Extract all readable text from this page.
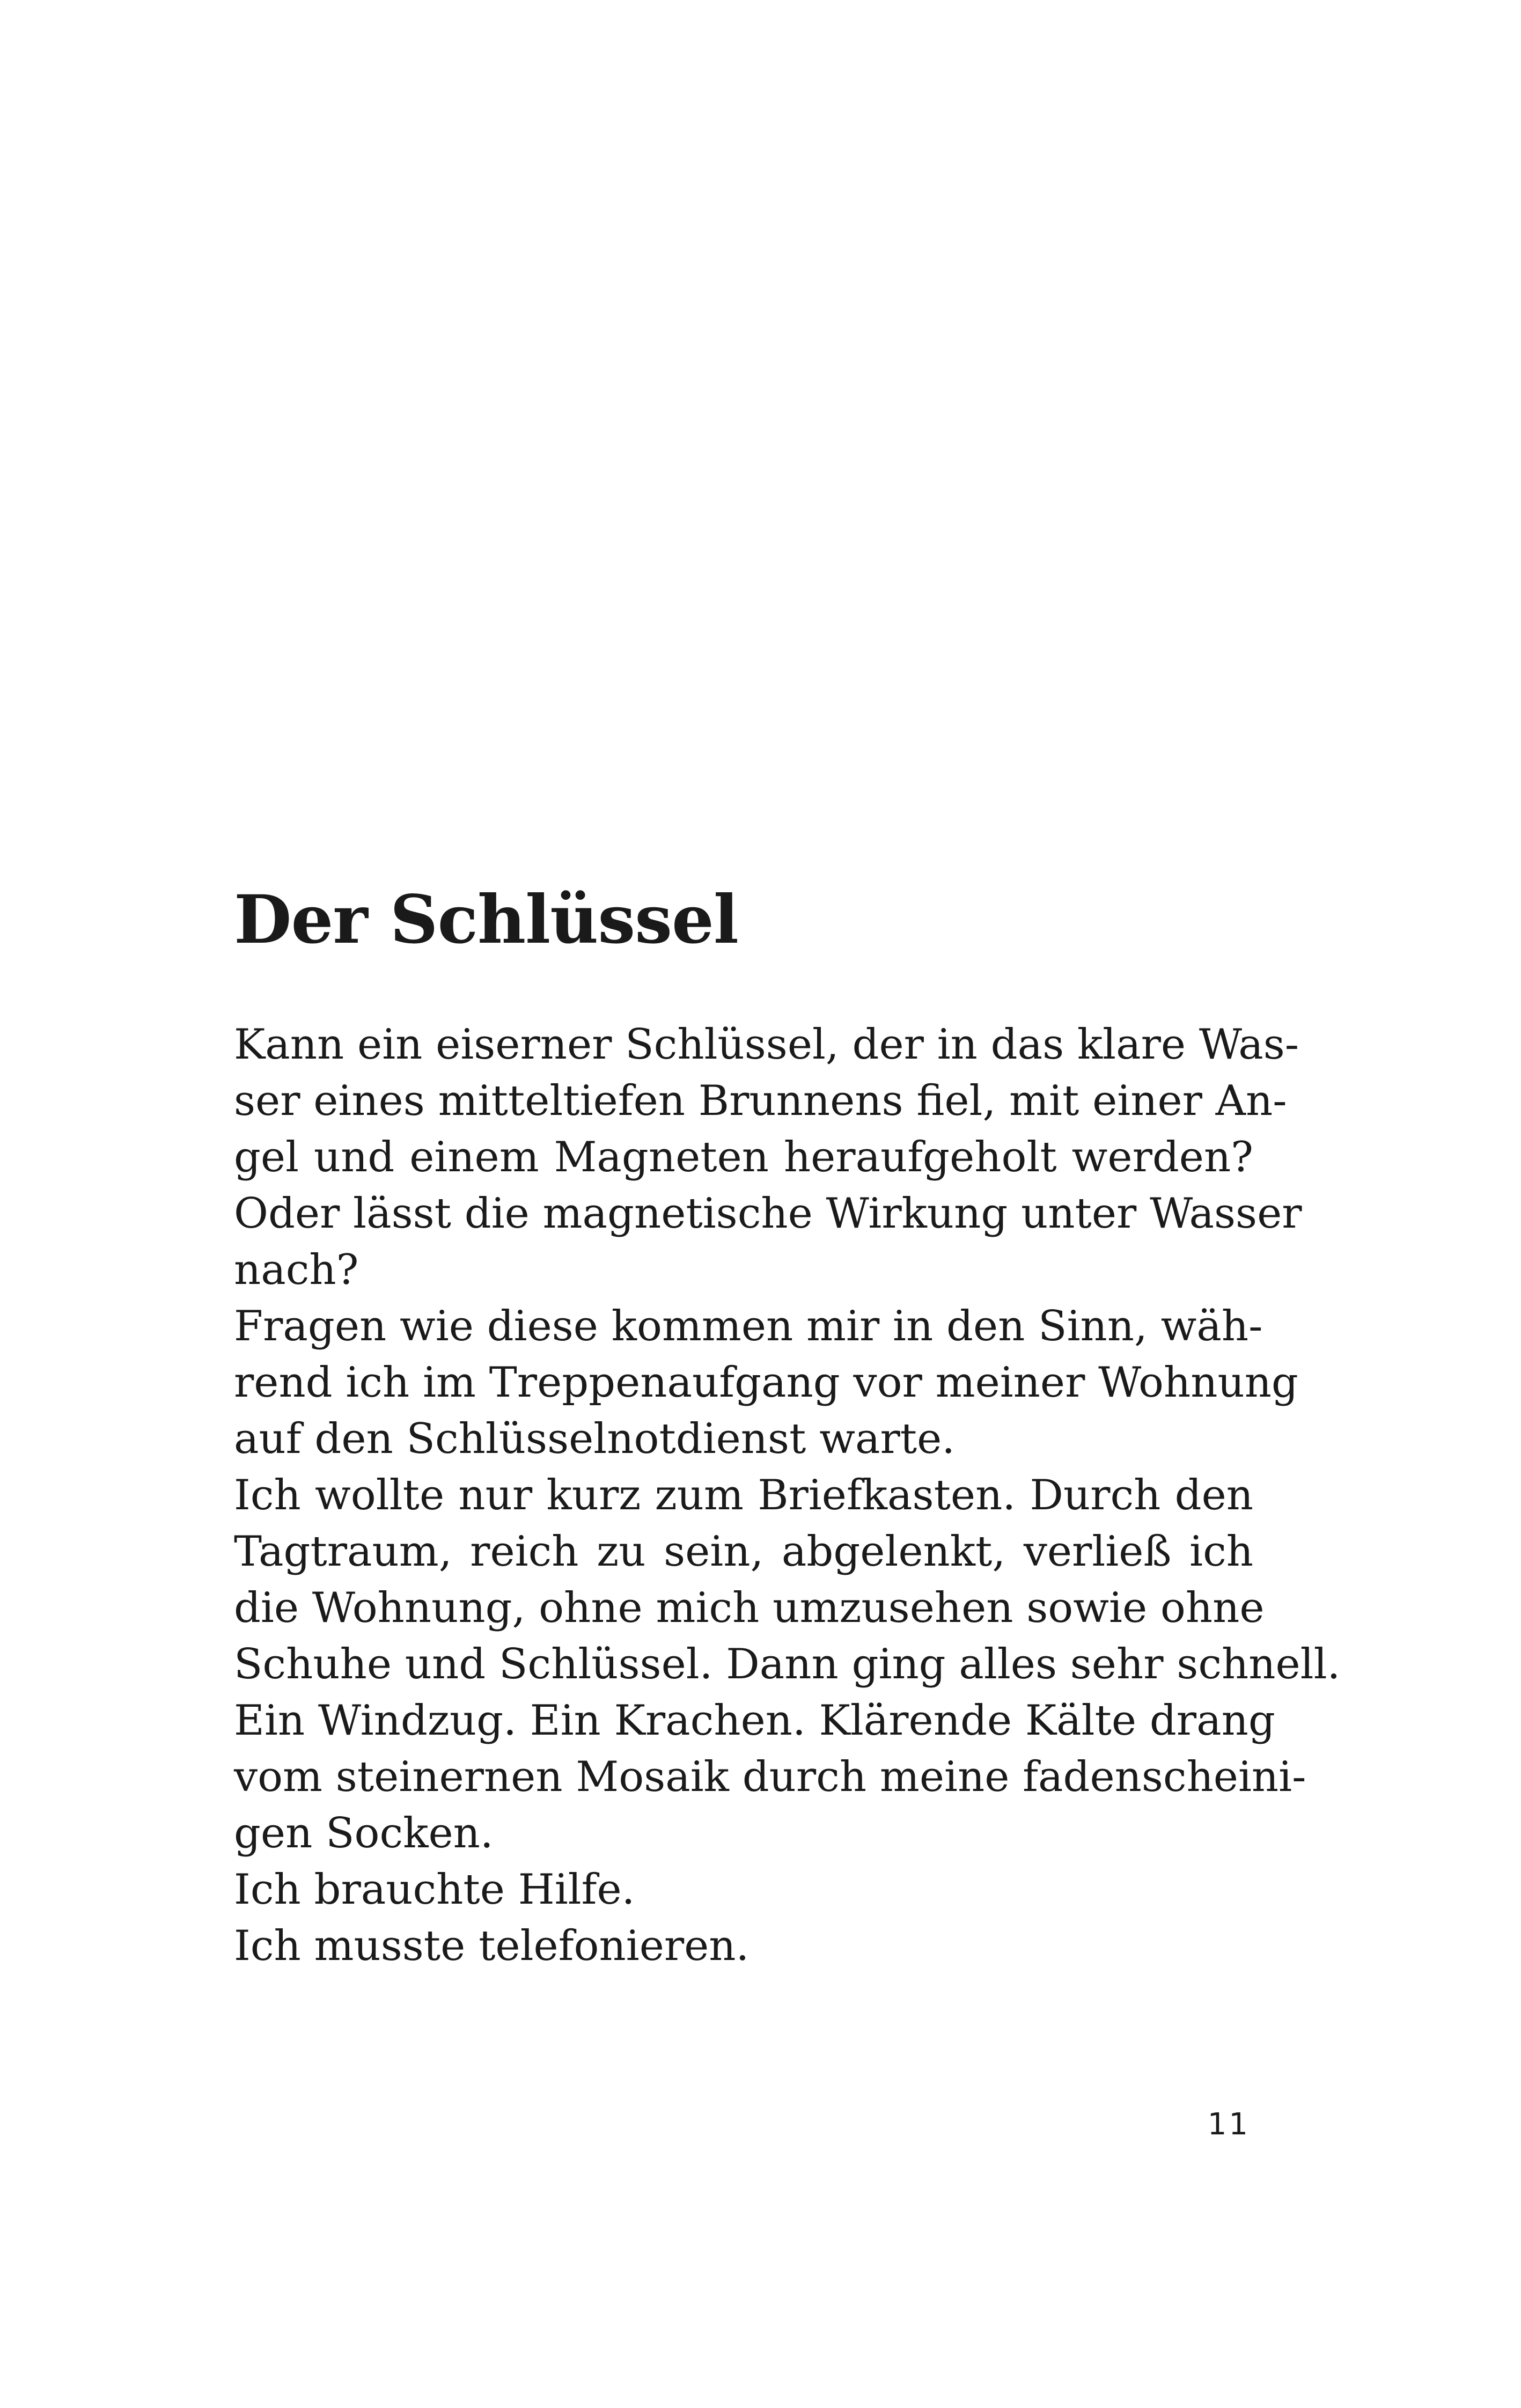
Der Schlüssel
Kann ein eiserner Schlüssel, der in das klare Was-
ser eines mitteltiefen Brunnens fiel, mit einer An-
gel und einem Magneten heraufgeholt werden?
Oder lässt die magnetische Wirkung unter Wasser
nach?
Fragen wie diese kommen mir in den Sinn, wäh-
rend ich im Treppenaufgang vor meiner Wohnung
auf den Schlüsselnotdienst warte.
Ich wollte nur kurz zum Briefkasten. Durch den
Tagtraum, reich zu sein, abgelenkt, verließ ich
die Wohnung, ohne mich umzusehen sowie ohne
Schuhe und Schlüssel. Dann ging alles sehr schnell.
Ein Windzug. Ein Krachen. Klärende Kälte drang
vom steinernen Mosaik durch meine fadenscheini-
gen Socken.
Ich brauchte Hilfe.
Ich musste telefonieren.
11
